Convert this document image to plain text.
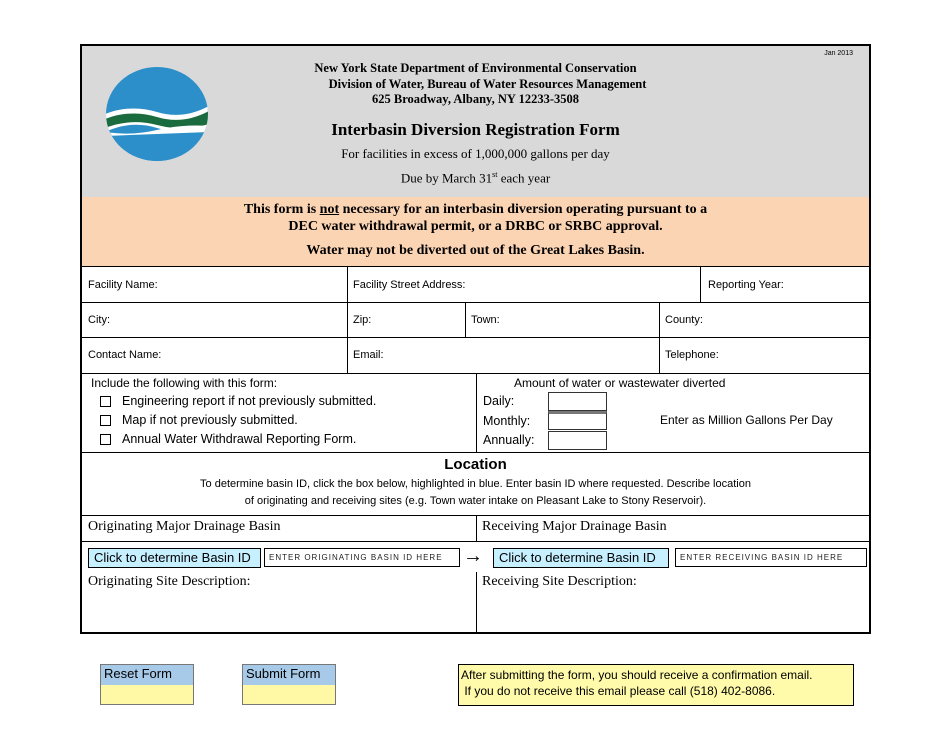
Jan 2013
New York State Department of Environmental Conservation
Division of Water, Bureau of Water Resources Management
625 Broadway, Albany, NY 12233-3508
Interbasin Diversion Registration Form
For facilities in excess of 1,000,000 gallons per day
Due by March 31st each year
This form is not necessary for an interbasin diversion operating pursuant to a
DEC water withdrawal permit, or a DRBC or SRBC approval.
Water may not be diverted out of the Great Lakes Basin.
Facility Name:	Facility Street Address:	Reporting Year:
City:	Zip:	Town:	County:
Contact Name:	Email:	Telephone:
Include the following with this form:
Engineering report if not previously submitted.
Map if not previously submitted.
Annual Water Withdrawal Reporting Form.
Amount of water or wastewater diverted
Daily:
Monthly:
Annually:
Enter as Million Gallons Per Day
Location
To determine basin ID, click the box below, highlighted in blue. Enter basin ID where requested. Describe location
of originating and receiving sites (e.g. Town water intake on Pleasant Lake to Stony Reservoir).
Originating Major Drainage Basin	Receiving Major Drainage Basin
Click to determine Basin ID	ENTER ORIGINATING BASIN ID HERE	→	Click to determine Basin ID	ENTER RECEIVING BASIN ID HERE
Originating Site Description:	Receiving Site Description:
Reset Form	Submit Form	After submitting the form, you should receive a confirmation email.
If you do not receive this email please call (518) 402-8086.
